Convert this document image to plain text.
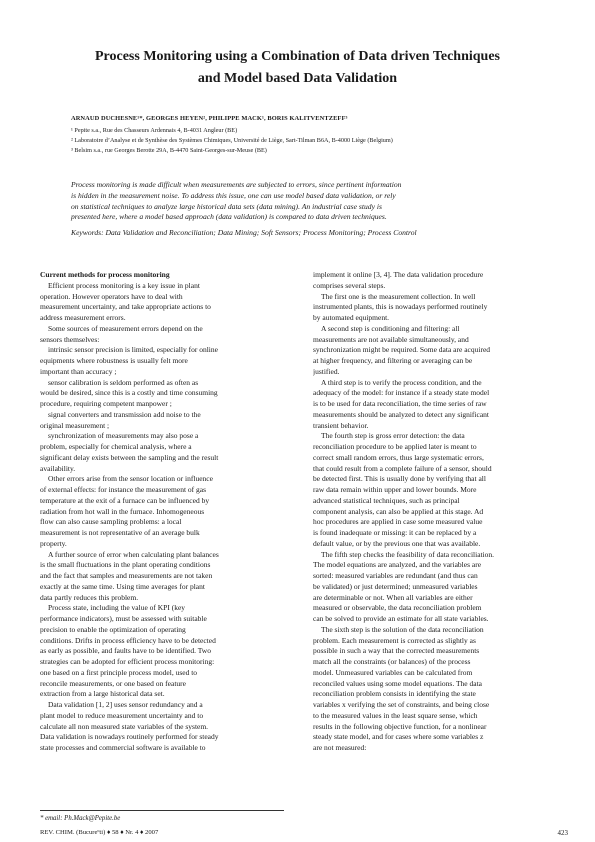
Process Monitoring using a Combination of Data driven Techniques
and Model based Data Validation
ARNAUD DUCHESNE¹*, GEORGES HEYEN², PHILIPPE MACK¹, BORIS KALITVENTZEFF³
¹ Pepite s.a., Rue des Chasseurs Ardennais 4, B-4031 Angleur (BE)
² Laboratoire d’Analyse et de Synthèse des Systèmes Chimiques, Université de Liège, Sart-Tilman B6A, B-4000 Liège (Belgium)
³ Belsim s.a., rue Georges Berotte 29A, B-4470 Saint-Georges-sur-Meuse (BE)
Process monitoring is made difficult when measurements are subjected to errors, since pertinent information
is hidden in the measurement noise. To address this issue, one can use model based data validation, or rely
on statistical techniques to analyze large historical data sets (data mining). An industrial case study is
presented here, where a model based approach (data validation) is compared to data driven techniques.
Keywords: Data Validation and Reconciliation; Data Mining; Soft Sensors; Process Monitoring; Process Control
Current methods for process monitoring
Efficient process monitoring is a key issue in plant
operation. However operators have to deal with
measurement uncertainty, and take appropriate actions to
address measurement errors.
Some sources of measurement errors depend on the
sensors themselves:
intrinsic sensor precision is limited, especially for online
equipments where robustness is usually felt more
important than accuracy ;
sensor calibration is seldom performed as often as
would be desired, since this is a costly and time consuming
procedure, requiring competent manpower ;
signal converters and transmission add noise to the
original measurement ;
synchronization of measurements may also pose a
problem, especially for chemical analysis, where a
significant delay exists between the sampling and the result
availability.
Other errors arise from the sensor location or influence
of external effects: for instance the measurement of gas
temperature at the exit of a furnace can be influenced by
radiation from hot wall in the furnace. Inhomogeneous
flow can also cause sampling problems: a local
measurement is not representative of an average bulk
property.
A further source of error when calculating plant balances
is the small fluctuations in the plant operating conditions
and the fact that samples and measurements are not taken
exactly at the same time. Using time averages for plant
data partly reduces this problem.
Process state, including the value of KPI (key
performance indicators), must be assessed with suitable
precision to enable the optimization of operating
conditions. Drifts in process efficiency have to be detected
as early as possible, and faults have to be identified. Two
strategies can be adopted for efficient process monitoring:
one based on a first principle process model, used to
reconcile measurements, or one based on feature
extraction from a large historical data set.
Data validation [1, 2] uses sensor redundancy and a
plant model to reduce measurement uncertainty and to
calculate all non measured state variables of the system.
Data validation is nowadays routinely performed for steady
state processes and commercial software is available to
implement it online [3, 4]. The data validation procedure
comprises several steps.
The first one is the measurement collection. In well
instrumented plants, this is nowadays performed routinely
by automated equipment.
A second step is conditioning and filtering: all
measurements are not available simultaneously, and
synchronization might be required. Some data are acquired
at higher frequency, and filtering or averaging can be
justified.
A third step is to verify the process condition, and the
adequacy of the model: for instance if a steady state model
is to be used for data reconciliation, the time series of raw
measurements should be analyzed to detect any significant
transient behavior.
The fourth step is gross error detection: the data
reconciliation procedure to be applied later is meant to
correct small random errors, thus large systematic errors,
that could result from a complete failure of a sensor, should
be detected first. This is usually done by verifying that all
raw data remain within upper and lower bounds. More
advanced statistical techniques, such as principal
component analysis, can also be applied at this stage. Ad
hoc procedures are applied in case some measured value
is found inadequate or missing: it can be replaced by a
default value, or by the previous one that was available.
The fifth step checks the feasibility of data reconciliation.
The model equations are analyzed, and the variables are
sorted: measured variables are redundant (and thus can
be validated) or just determined; unmeasured variables
are determinable or not. When all variables are either
measured or observable, the data reconciliation problem
can be solved to provide an estimate for all state variables.
The sixth step is the solution of the data reconciliation
problem. Each measurement is corrected as slightly as
possible in such a way that the corrected measurements
match all the constraints (or balances) of the process
model. Unmeasured variables can be calculated from
reconciled values using some model equations. The data
reconciliation problem consists in identifying the state
variables x verifying the set of constraints, and being close
to the measured values in the least square sense, which
results in the following objective function, for a nonlinear
steady state model, and for cases where some variables z
are not measured:
* email: Ph.Mack@Pepite.be
REV. CHIM. (Bucureºti) ♦ 58 ♦ Nr. 4 ♦ 2007	423
